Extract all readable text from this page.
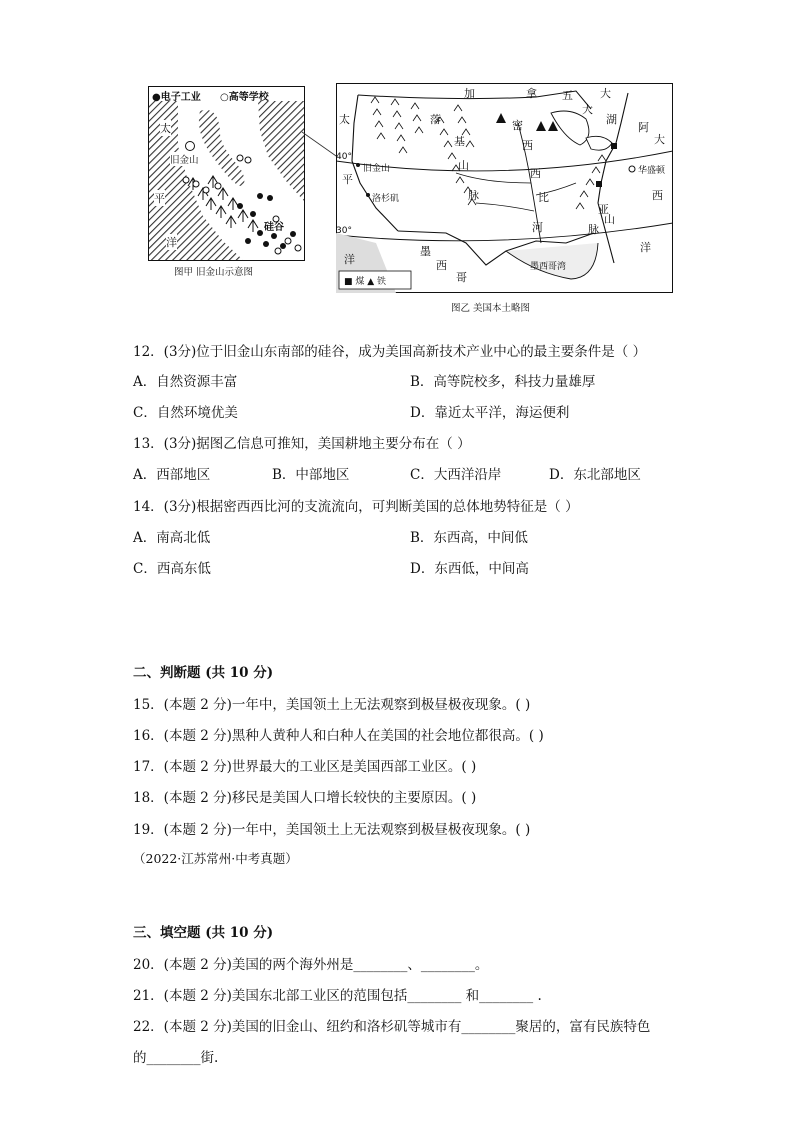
●电子工业 ○高等学校
太
平
洋
旧金山
硅谷
图甲 旧金山示意图
加	拿	大
五
大
湖
密
西
西
比
河
落
基
山
脉
阿
亚
山
脉
太
平
洋
大
西
洋
墨
西
哥
墨西哥湾
旧金山
洛杉矶
华盛顿
40°
30°
■ 煤 ▲ 铁
图乙 美国本土略图
12．(3分)位于旧金山东南部的硅谷，成为美国高新技术产业中心的最主要条件是（ ）
A．自然资源丰富	B．高等院校多，科技力量雄厚
C．自然环境优美	D．靠近太平洋，海运便利
13．(3分)据图乙信息可推知，美国耕地主要分布在（ ）
A．西部地区	B．中部地区	C．大西洋沿岸	D．东北部地区
14．(3分)根据密西西比河的支流流向，可判断美国的总体地势特征是（ ）
A．南高北低	B．东西高，中间低
C．西高东低	D．东西低，中间高
二、判断题 (共 10 分)
15．(本题 2 分)一年中，美国领土上无法观察到极昼极夜现象。( )
16．(本题 2 分)黑种人黄种人和白种人在美国的社会地位都很高。( )
17．(本题 2 分)世界最大的工业区是美国西部工业区。( )
18．(本题 2 分)移民是美国人口增长较快的主要原因。( )
19．(本题 2 分)一年中，美国领土上无法观察到极昼极夜现象。( )
（2022·江苏常州·中考真题）
三、填空题 (共 10 分)
20．(本题 2 分)美国的两个海外州是________、________。
21．(本题 2 分)美国东北部工业区的范围包括________ 和________ .
22．(本题 2 分)美国的旧金山、纽约和洛杉矶等城市有________聚居的，富有民族特色
的________街.
